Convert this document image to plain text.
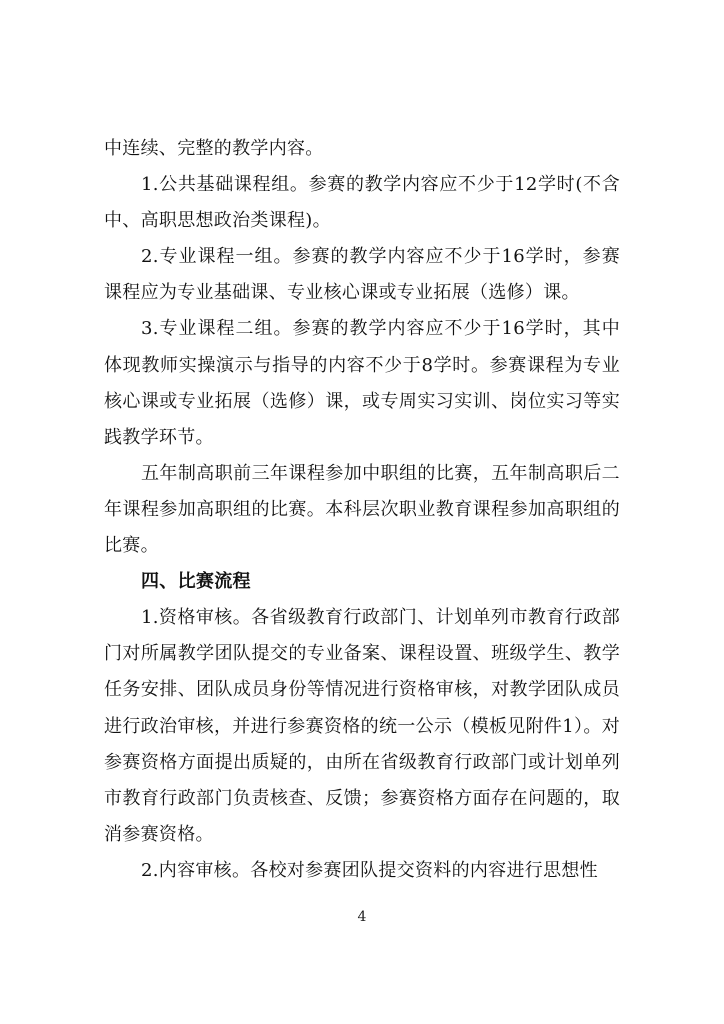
中连续、完整的教学内容。

1.公共基础课程组。参赛的教学内容应不少于12学时(不含中、高职思想政治类课程)。

2.专业课程一组。参赛的教学内容应不少于16学时，参赛课程应为专业基础课、专业核心课或专业拓展（选修）课。

3.专业课程二组。参赛的教学内容应不少于16学时，其中体现教师实操演示与指导的内容不少于8学时。参赛课程为专业核心课或专业拓展（选修）课，或专周实习实训、岗位实习等实践教学环节。

五年制高职前三年课程参加中职组的比赛，五年制高职后二年课程参加高职组的比赛。本科层次职业教育课程参加高职组的比赛。

四、比赛流程

1.资格审核。各省级教育行政部门、计划单列市教育行政部门对所属教学团队提交的专业备案、课程设置、班级学生、教学任务安排、团队成员身份等情况进行资格审核，对教学团队成员进行政治审核，并进行参赛资格的统一公示（模板见附件1）。对参赛资格方面提出质疑的，由所在省级教育行政部门或计划单列市教育行政部门负责核查、反馈；参赛资格方面存在问题的，取消参赛资格。

2.内容审核。各校对参赛团队提交资料的内容进行思想性

4
